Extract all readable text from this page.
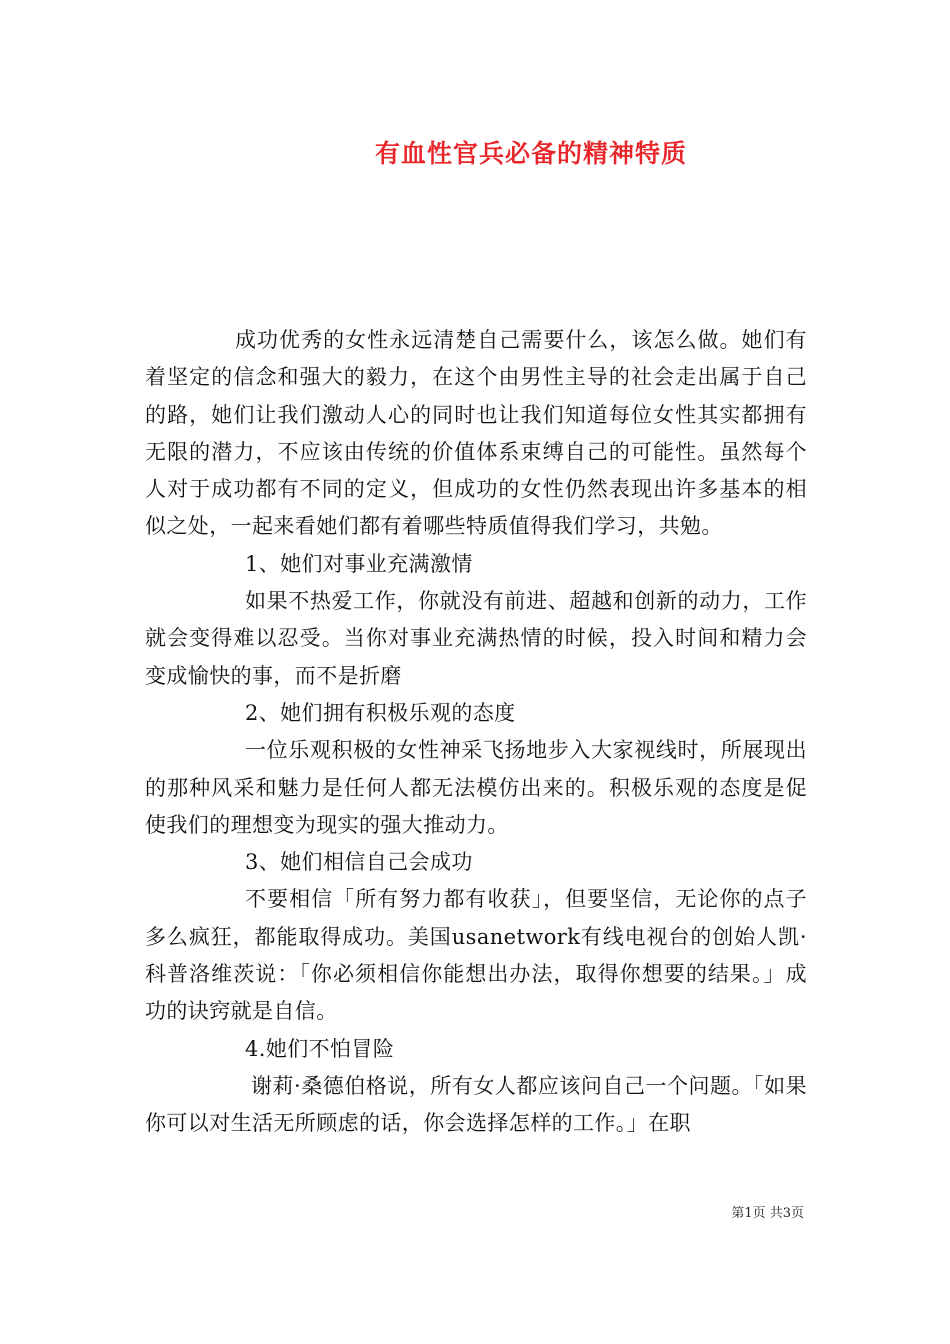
有血性官兵必备的精神特质

成功优秀的女性永远清楚自己需要什么，该怎么做。她们有着坚定的信念和强大的毅力，在这个由男性主导的社会走出属于自己的路，她们让我们激动人心的同时也让我们知道每位女性其实都拥有无限的潜力，不应该由传统的价值体系束缚自己的可能性。虽然每个人对于成功都有不同的定义，但成功的女性仍然表现出许多基本的相似之处，一起来看她们都有着哪些特质值得我们学习，共勉。

1、她们对事业充满激情

如果不热爱工作，你就没有前进、超越和创新的动力，工作就会变得难以忍受。当你对事业充满热情的时候，投入时间和精力会变成愉快的事，而不是折磨

2、她们拥有积极乐观的态度

一位乐观积极的女性神采飞扬地步入大家视线时，所展现出的那种风采和魅力是任何人都无法模仿出来的。积极乐观的态度是促使我们的理想变为现实的强大推动力。

3、她们相信自己会成功

不要相信「所有努力都有收获」，但要坚信，无论你的点子多么疯狂，都能取得成功。美国usanetwork有线电视台的创始人凯·科普洛维茨说：「你必须相信你能想出办法，取得你想要的结果。」成功的诀窍就是自信。

4.她们不怕冒险

谢莉·桑德伯格说，所有女人都应该问自己一个问题。「如果你可以对生活无所顾虑的话，你会选择怎样的工作。」在职

第1页 共3页
